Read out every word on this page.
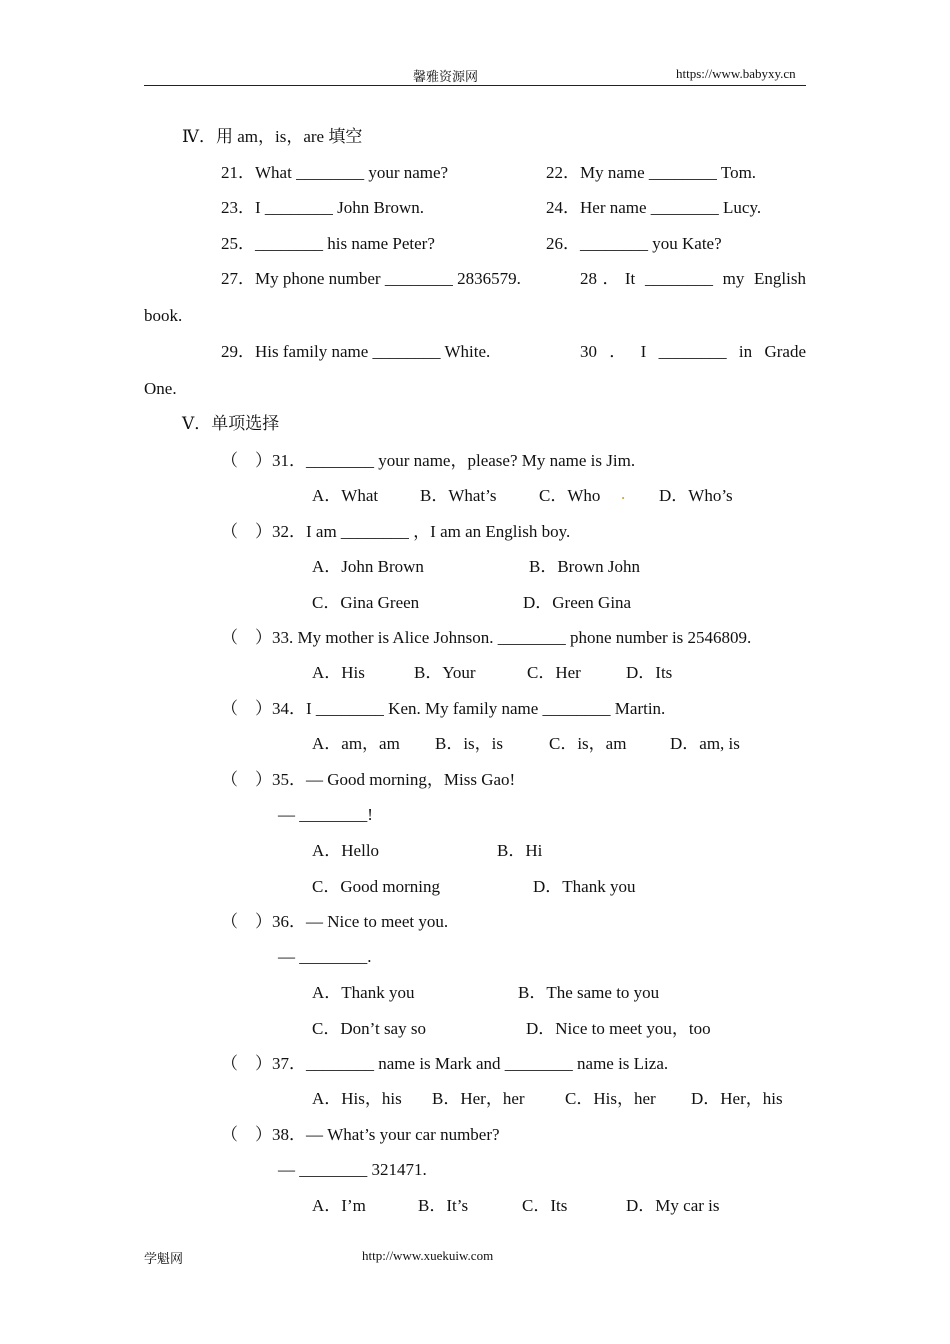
馨雅资源网	https://www.babyxy.cn
Ⅳ．用 am，is，are 填空
21．What ________ your name?	22．My name ________ Tom.
23．I ________ John Brown.	24．Her name ________ Lucy.
25．________ his name Peter?	26．________ you Kate?
27．My phone number ________ 2836579.	28．It ________ my English
book.
29．His family name ________ White.	30 ． I ________ in Grade
One.
Ⅴ．单项选择
（　）31．________ your name，please? My name is Jim.
A．What B．What’s	C．Who . D．Who’s
（　）32．I am ________ ，I am an English boy.
A．John Brown	B．Brown John
C．Gina Green	D．Green Gina
（　）33. My mother is Alice Johnson. ________ phone number is 2546809.
A．His	B．Your	C．Her	D．Its
（　）34．I ________ Ken. My family name ________ Martin.
A．am，am B．is，is	C．is，am	D．am, is
（　）35．— Good morning，Miss Gao!
— ________!
A．Hello	B．Hi
C．Good morning	D．Thank you
（　）36．— Nice to meet you.
— ________.
A．Thank you	B．The same to you
C．Don’t say so	D．Nice to meet you，too
（　）37．________ name is Mark and ________ name is Liza.
A．His，his B．Her，her C．His，her D．Her，his
（　）38．— What’s your car number?
— ________ 321471.
A．I’m	B．It’s	C．Its	D．My car is
学魁网	http://www.xuekuiw.com
